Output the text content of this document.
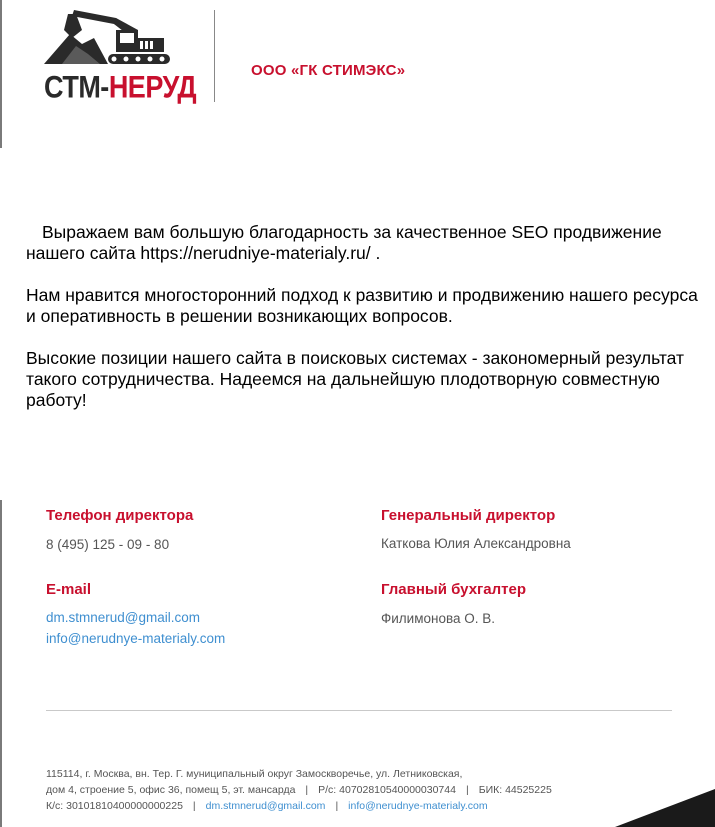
СТМ-НЕРУД	ООО «ГК СТИМЭКС»

Выражаем вам большую благодарность за качественное SEO продвижение нашего сайта https://nerudniye-materialy.ru/ .

Нам нравится многосторонний подход к развитию и продвижению нашего ресурса и оперативность в решении возникающих вопросов.

Высокие позиции нашего сайта в поисковых системах - закономерный результат такого сотрудничества. Надеемся на дальнейшую плодотворную совместную работу!

Телефон директора
8 (495) 125 - 09 - 80
E-mail
dm.stmnerud@gmail.com
info@nerudnye-materialy.com
Генеральный директор
Каткова Юлия Александровна
Главный бухгалтер
Филимонова О. В.
115114, г. Москва, вн. Тер. Г. муниципальный округ Замоскворечье, ул. Летниковская,
дом 4, строение 5, офис 36, помещ 5, эт. мансарда | Р/с: 40702810540000030744 | БИК: 44525225
К/с: 30101810400000000225 | dm.stmnerud@gmail.com | info@nerudnye-materialy.com
